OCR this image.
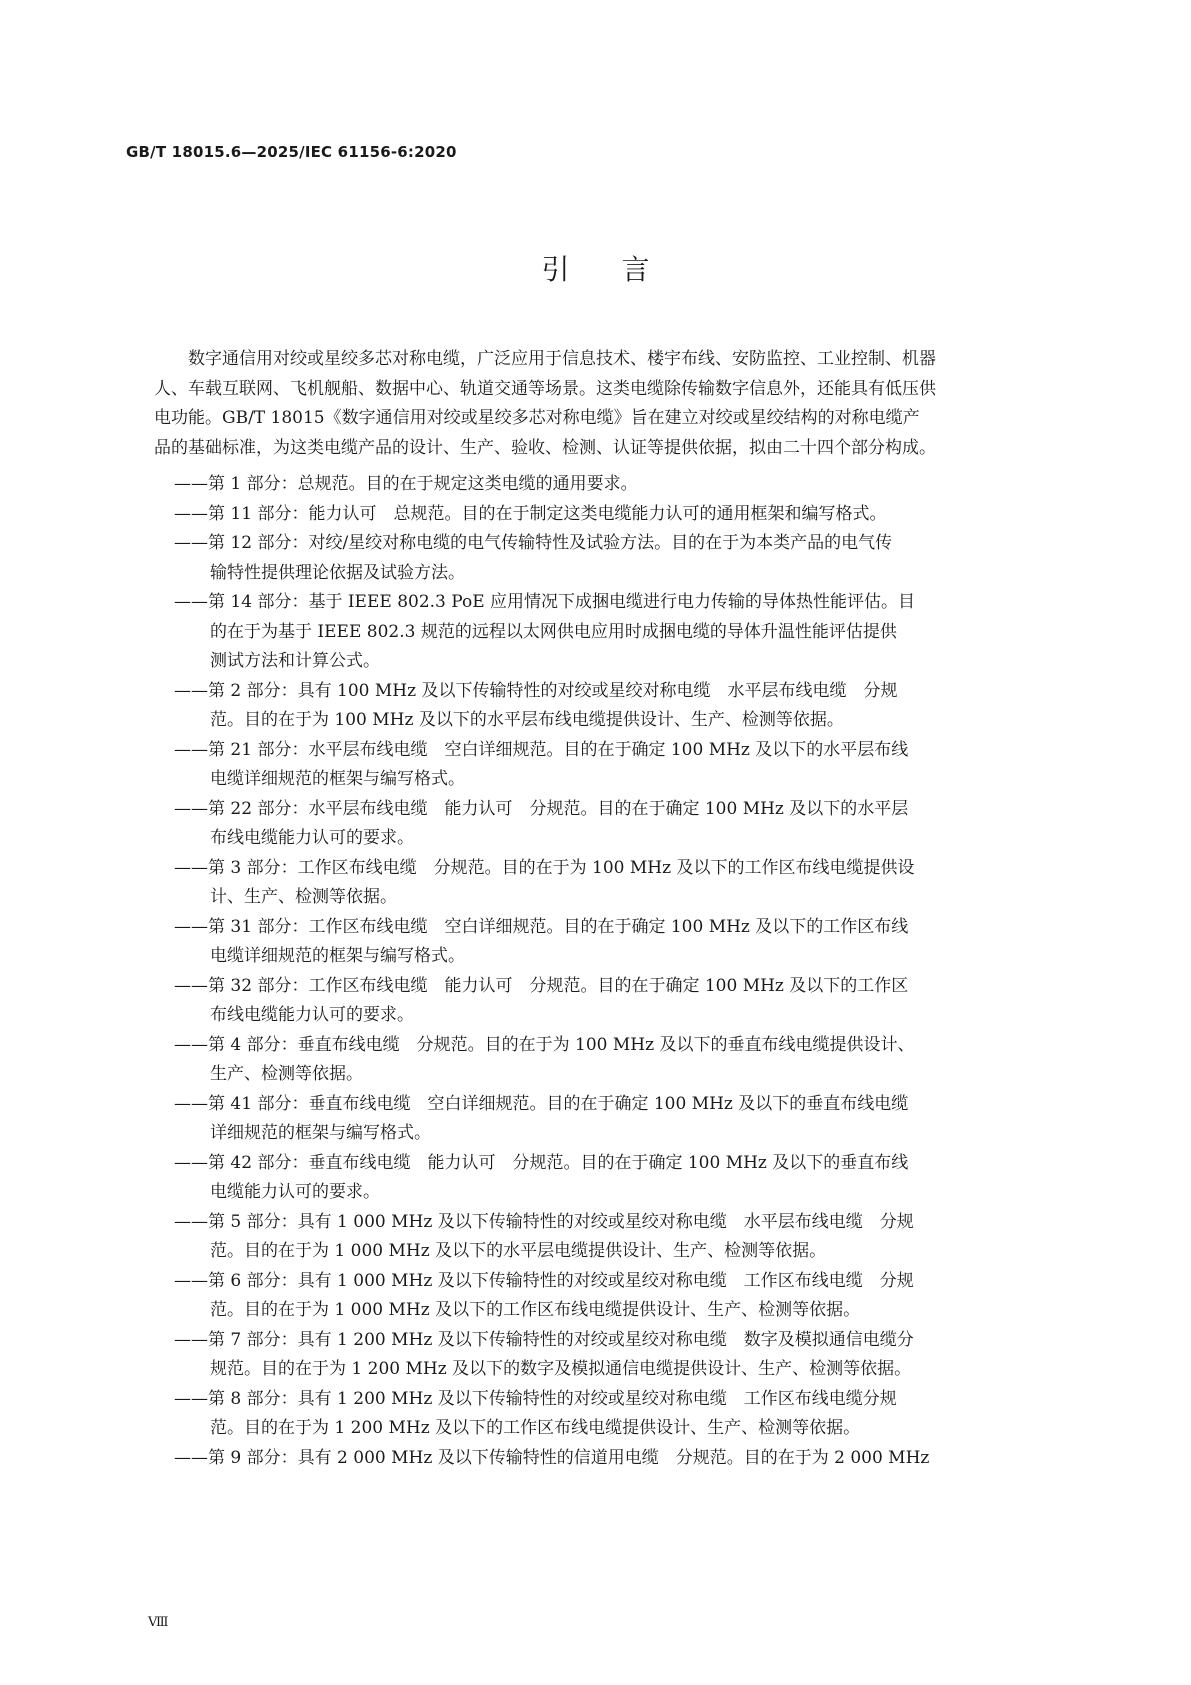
GB/T 18015.6—2025/IEC 61156-6:2020
引言
数字通信用对绞或星绞多芯对称电缆，广泛应用于信息技术、楼宇布线、安防监控、工业控制、机器
人、车载互联网、飞机舰船、数据中心、轨道交通等场景。这类电缆除传输数字信息外，还能具有低压供
电功能。GB/T 18015《数字通信用对绞或星绞多芯对称电缆》旨在建立对绞或星绞结构的对称电缆产
品的基础标准，为这类电缆产品的设计、生产、验收、检测、认证等提供依据，拟由二十四个部分构成。
——第 1 部分：总规范。目的在于规定这类电缆的通用要求。
——第 11 部分：能力认可　总规范。目的在于制定这类电缆能力认可的通用框架和编写格式。
——第 12 部分：对绞/星绞对称电缆的电气传输特性及试验方法。目的在于为本类产品的电气传
输特性提供理论依据及试验方法。
——第 14 部分：基于 IEEE 802.3 PoE 应用情况下成捆电缆进行电力传输的导体热性能评估。目
的在于为基于 IEEE 802.3 规范的远程以太网供电应用时成捆电缆的导体升温性能评估提供
测试方法和计算公式。
——第 2 部分：具有 100 MHz 及以下传输特性的对绞或星绞对称电缆　水平层布线电缆　分规
范。目的在于为 100 MHz 及以下的水平层布线电缆提供设计、生产、检测等依据。
——第 21 部分：水平层布线电缆　空白详细规范。目的在于确定 100 MHz 及以下的水平层布线
电缆详细规范的框架与编写格式。
——第 22 部分：水平层布线电缆　能力认可　分规范。目的在于确定 100 MHz 及以下的水平层
布线电缆能力认可的要求。
——第 3 部分：工作区布线电缆　分规范。目的在于为 100 MHz 及以下的工作区布线电缆提供设
计、生产、检测等依据。
——第 31 部分：工作区布线电缆　空白详细规范。目的在于确定 100 MHz 及以下的工作区布线
电缆详细规范的框架与编写格式。
——第 32 部分：工作区布线电缆　能力认可　分规范。目的在于确定 100 MHz 及以下的工作区
布线电缆能力认可的要求。
——第 4 部分：垂直布线电缆　分规范。目的在于为 100 MHz 及以下的垂直布线电缆提供设计、
生产、检测等依据。
——第 41 部分：垂直布线电缆　空白详细规范。目的在于确定 100 MHz 及以下的垂直布线电缆
详细规范的框架与编写格式。
——第 42 部分：垂直布线电缆　能力认可　分规范。目的在于确定 100 MHz 及以下的垂直布线
电缆能力认可的要求。
——第 5 部分：具有 1 000 MHz 及以下传输特性的对绞或星绞对称电缆　水平层布线电缆　分规
范。目的在于为 1 000 MHz 及以下的水平层电缆提供设计、生产、检测等依据。
——第 6 部分：具有 1 000 MHz 及以下传输特性的对绞或星绞对称电缆　工作区布线电缆　分规
范。目的在于为 1 000 MHz 及以下的工作区布线电缆提供设计、生产、检测等依据。
——第 7 部分：具有 1 200 MHz 及以下传输特性的对绞或星绞对称电缆　数字及模拟通信电缆分
规范。目的在于为 1 200 MHz 及以下的数字及模拟通信电缆提供设计、生产、检测等依据。
——第 8 部分：具有 1 200 MHz 及以下传输特性的对绞或星绞对称电缆　工作区布线电缆分规
范。目的在于为 1 200 MHz 及以下的工作区布线电缆提供设计、生产、检测等依据。
——第 9 部分：具有 2 000 MHz 及以下传输特性的信道用电缆　分规范。目的在于为 2 000 MHz
Ⅷ
